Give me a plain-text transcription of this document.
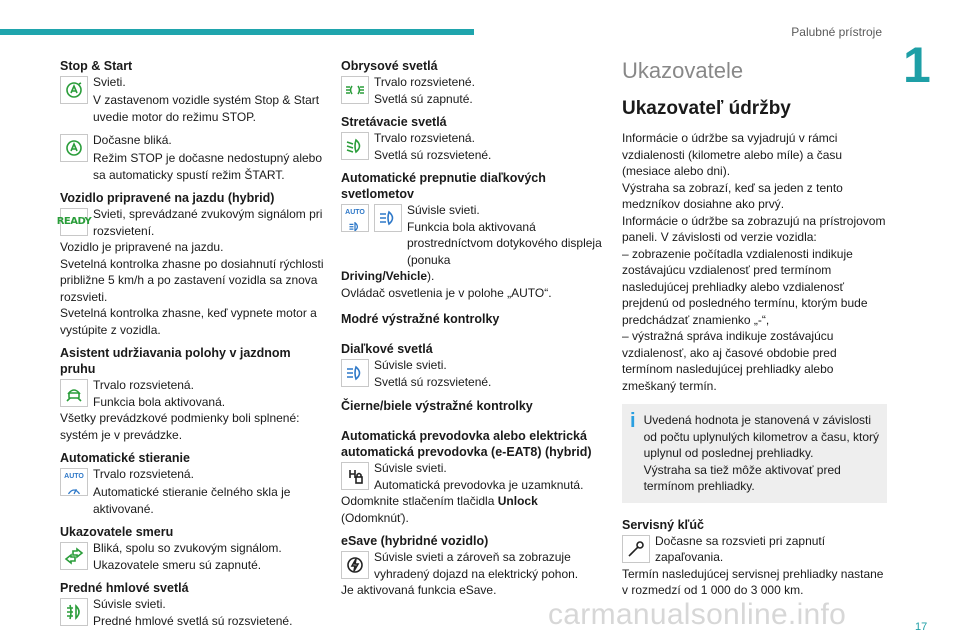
Palubné prístroje
1
17

Stop & Start

Svieti.

V zastavenom vozidle systém Stop & Start uvedie motor do režimu STOP.

Dočasne bliká.

Režim STOP je dočasne nedostupný alebo sa automaticky spustí režim ŠTART.

Vozidlo pripravené na jazdu (hybrid)

READY

Svieti, sprevádzané zvukovým signálom pri rozsvietení.

Vozidlo je pripravené na jazdu.

Svetelná kontrolka zhasne po dosiahnutí rýchlosti približne 5 km/h a po zastavení vozidla sa znova rozsvieti.

Svetelná kontrolka zhasne, keď vypnete motor a vystúpite z vozidla.

Asistent udržiavania polohy v jazdnom pruhu

Trvalo rozsvietená.

Funkcia bola aktivovaná.

Všetky prevádzkové podmienky boli splnené: systém je v prevádzke.

Automatické stieranie

AUTO Trvalo rozsvietená.

Automatické stieranie čelného skla je aktivované.

Ukazovatele smeru

Bliká, spolu so zvukovým signálom.

Ukazovatele smeru sú zapnuté.

Predné hmlové svetlá

Súvisle svieti.

Predné hmlové svetlá sú rozsvietené.

Obrysové svetlá

Trvalo rozsvietené.

Svetlá sú zapnuté.

Stretávacie svetlá

Trvalo rozsvietená.

Svetlá sú rozsvietené.

Automatické prepnutie diaľkových svetlometov

AUTO	Súvisle svieti.

Funkcia bola aktivovaná prostredníctvom dotykového displeja (ponuka

Driving/Vehicle).

Ovládač osvetlenia je v polohe „AUTO“.

Modré výstražné kontrolky

Diaľkové svetlá

Súvisle svieti.

Svetlá sú rozsvietené.

Čierne/biele výstražné kontrolky

Automatická prevodovka alebo elektrická automatická prevodovka (e-EAT8) (hybrid)

Súvisle svieti.

Automatická prevodovka je uzamknutá.

Odomknite stlačením tlačidla Unlock

(Odomknúť).

eSave (hybridné vozidlo)

Súvisle svieti a zároveň sa zobrazuje vyhradený dojazd na elektrický pohon.

Je aktivovaná funkcia eSave.

Ukazovatele

Ukazovateľ údržby

Informácie o údržbe sa vyjadrujú v rámci vzdialenosti (kilometre alebo míle) a času (mesiace alebo dni).

Výstraha sa zobrazí, keď sa jeden z tento medzníkov dosiahne ako prvý.

Informácie o údržbe sa zobrazujú na prístrojovom paneli. V závislosti od verzie vozidla:

– zobrazenie počítadla vzdialenosti indikuje zostávajúcu vzdialenosť pred termínom nasledujúcej prehliadky alebo vzdialenosť prejdenú od posledného termínu, ktorým bude predchádzať znamienko „-“,

– výstražná správa indikuje zostávajúcu vzdialenosť, ako aj časové obdobie pred termínom nasledujúcej prehliadky alebo zmeškaný termín.

i Uvedená hodnota je stanovená v závislosti od počtu uplynulých kilometrov a času, ktorý uplynul od poslednej prehliadky.

Výstraha sa tiež môže aktivovať pred termínom prehliadky.

Servisný kľúč

Dočasne sa rozsvieti pri zapnutí zapaľovania.

Termín nasledujúcej servisnej prehliadky nastane v rozmedzí od 1 000 do 3 000 km.

carmanualsonline.info
